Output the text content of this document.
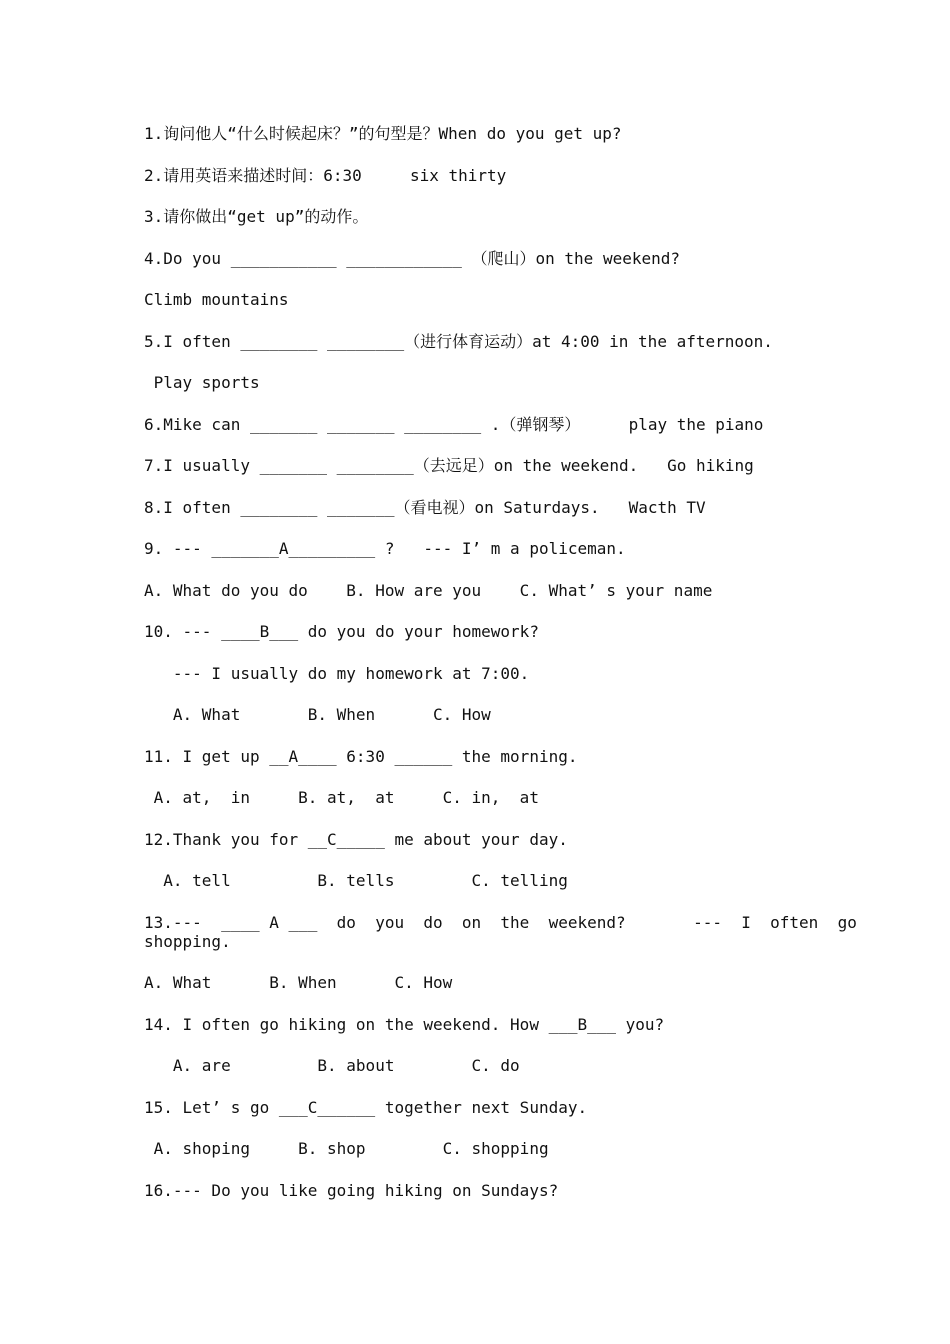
1.询问他人“什么时候起床？”的句型是？When do you get up?
2.请用英语来描述时间：6:30     six thirty
3.请你做出“get up”的动作。
4.Do you ___________ ____________ （爬山）on the weekend?
Climb mountains
5.I often ________ ________（进行体育运动）at 4:00 in the afternoon.
Play sports
6.Mike can _______ _______ ________ .（弹钢琴）     play the piano
7.I usually _______ ________（去远足）on the weekend.   Go hiking
8.I often ________ _______（看电视）on Saturdays.   Wacth TV
9. --- _______A_________ ?   --- I’ m a policeman.
A. What do you do    B. How are you    C. What’ s your name
10. --- ____B___ do you do your homework?
--- I usually do my homework at 7:00.
A. What       B. When      C. How
11. I get up __A____ 6:30 ______ the morning.
A. at,  in     B. at,  at     C. in,  at
12.Thank you for __C_____ me about your day.
A. tell         B. tells        C. telling
13.---  ____ A ___  do  you  do  on  the  weekend?       ---  I  often  go
shopping.
A. What      B. When      C. How
14. I often go hiking on the weekend. How ___B___ you?
A. are         B. about        C. do
15. Let’ s go ___C______ together next Sunday.
A. shoping     B. shop        C. shopping
16.--- Do you like going hiking on Sundays?
